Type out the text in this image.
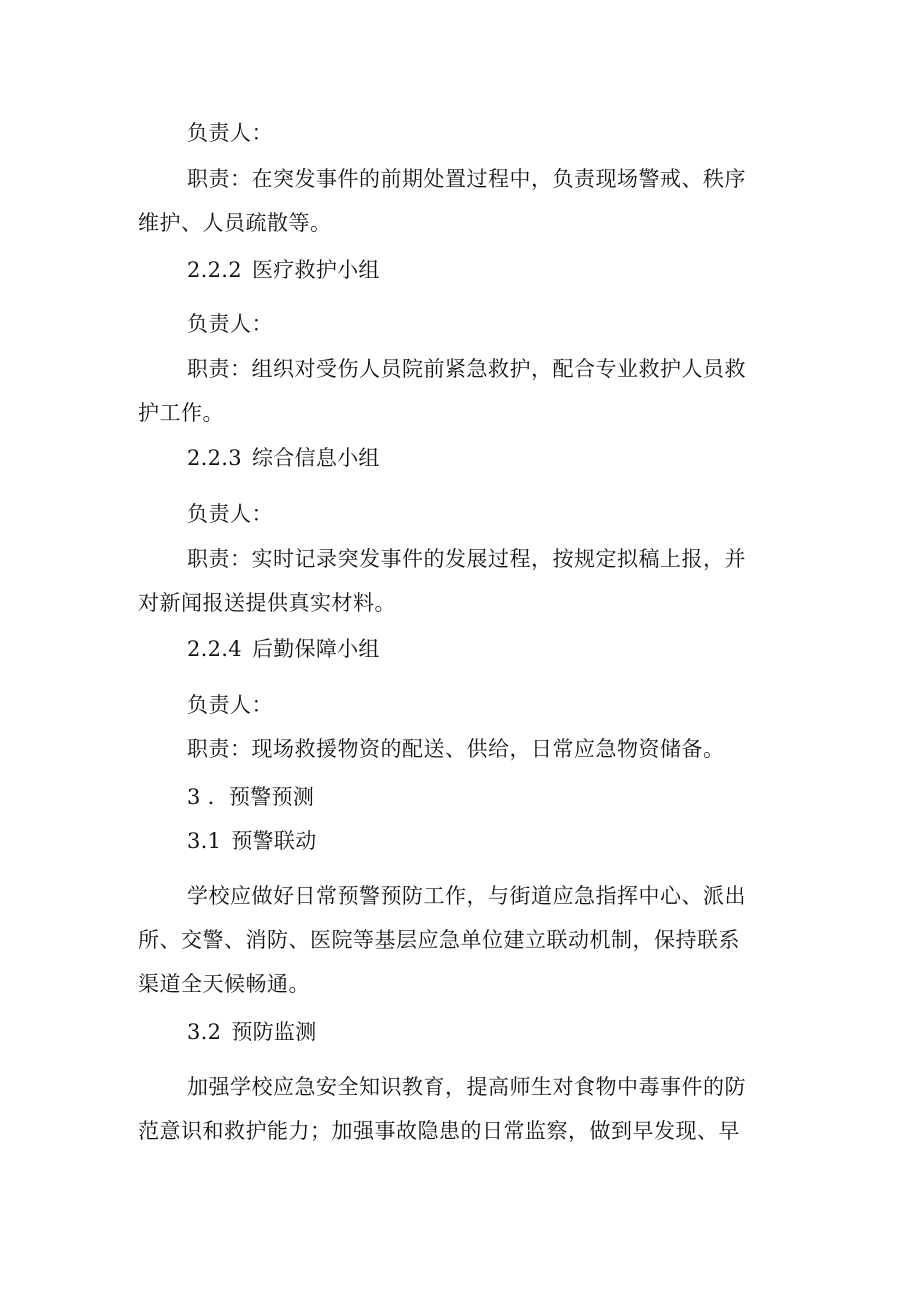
负责人：
职责：在突发事件的前期处置过程中，负责现场警戒、秩序
维护、人员疏散等。
2.2.2 医疗救护小组
负责人：
职责：组织对受伤人员院前紧急救护，配合专业救护人员救
护工作。
2.2.3 综合信息小组
负责人：
职责：实时记录突发事件的发展过程，按规定拟稿上报，并
对新闻报送提供真实材料。
2.2.4 后勤保障小组
负责人：
职责：现场救援物资的配送、供给，日常应急物资储备。
3 ．预警预测
3.1 预警联动
学校应做好日常预警预防工作，与街道应急指挥中心、派出
所、交警、消防、医院等基层应急单位建立联动机制，保持联系
渠道全天候畅通。
3.2 预防监测
加强学校应急安全知识教育，提高师生对食物中毒事件的防
范意识和救护能力；加强事故隐患的日常监察，做到早发现、早
